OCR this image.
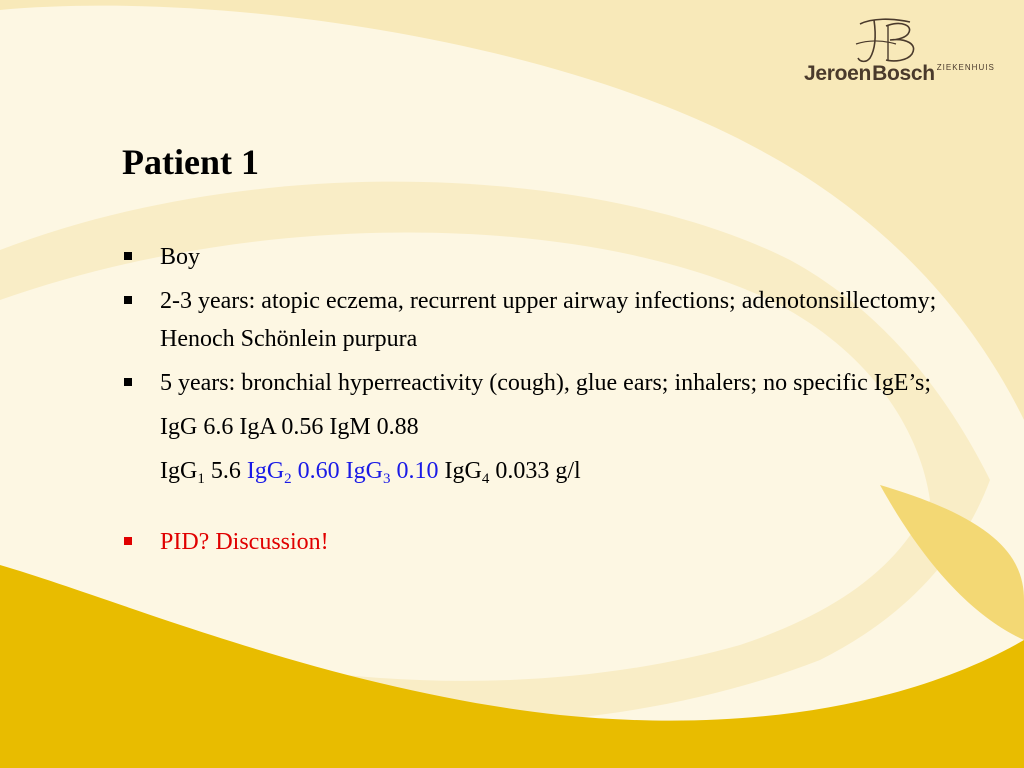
JeroenBosch $^{ZIEKENHUIS}$
Patient 1
Boy
2-3 years: atopic eczema, recurrent upper airway infections; adenotonsillectomy; Henoch Schönlein purpura
5 years: bronchial hyperreactivity (cough), glue ears; inhalers; no specific IgE’s;
IgG 6.6 IgA 0.56 IgM 0.88
IgG$_1$ 5.6 IgG$_2$ 0.60 IgG$_3$ 0.10 IgG$_4$ 0.033 g/l
PID? Discussion!
